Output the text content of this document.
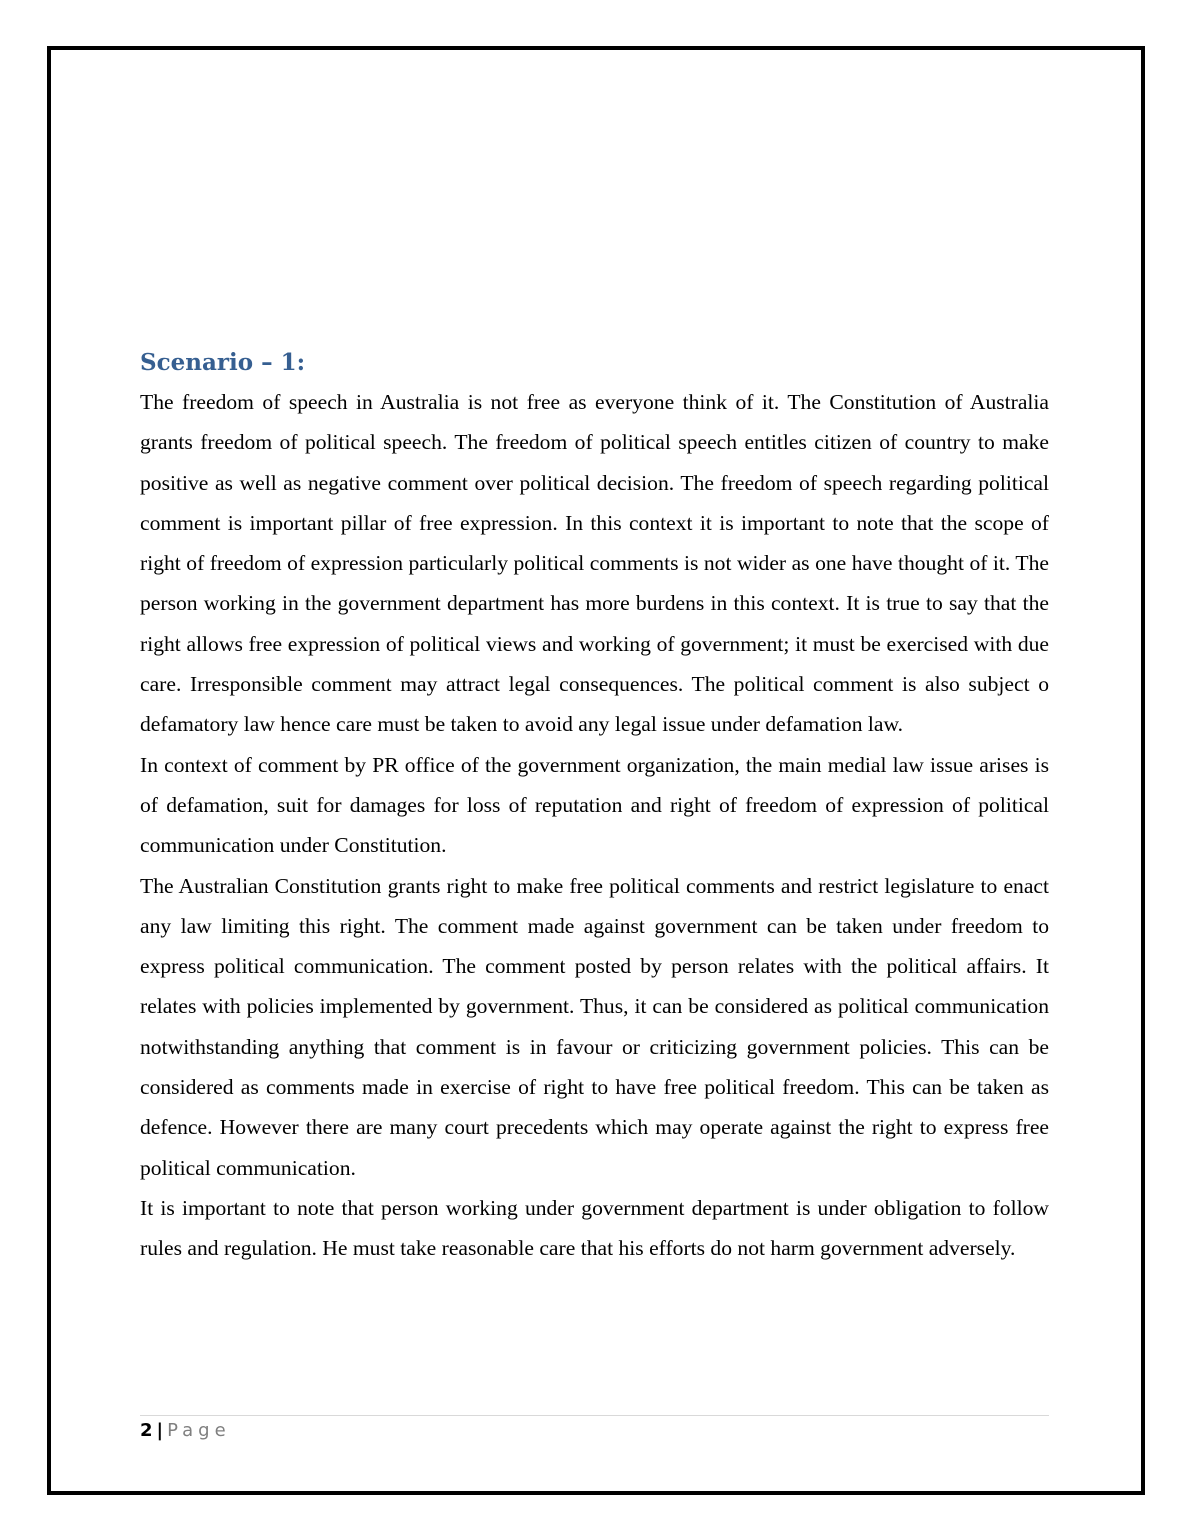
Scenario – 1:

The freedom of speech in Australia is not free as everyone think of it. The Constitution of Australia grants freedom of political speech. The freedom of political speech entitles citizen of country to make positive as well as negative comment over political decision. The freedom of speech regarding political comment is important pillar of free expression. In this context it is important to note that the scope of right of freedom of expression particularly political comments is not wider as one have thought of it. The person working in the government department has more burdens in this context. It is true to say that the right allows free expression of political views and working of government; it must be exercised with due care. Irresponsible comment may attract legal consequences. The political comment is also subject o defamatory law hence care must be taken to avoid any legal issue under defamation law.

In context of comment by PR office of the government organization, the main medial law issue arises is of defamation, suit for damages for loss of reputation and right of freedom of expression of political communication under Constitution.

The Australian Constitution grants right to make free political comments and restrict legislature to enact any law limiting this right. The comment made against government can be taken under freedom to express political communication. The comment posted by person relates with the political affairs. It relates with policies implemented by government. Thus, it can be considered as political communication notwithstanding anything that comment is in favour or criticizing government policies. This can be considered as comments made in exercise of right to have free political freedom. This can be taken as defence. However there are many court precedents which may operate against the right to express free political communication.

It is important to note that person working under government department is under obligation to follow rules and regulation. He must take reasonable care that his efforts do not harm government adversely.

2 | Page
